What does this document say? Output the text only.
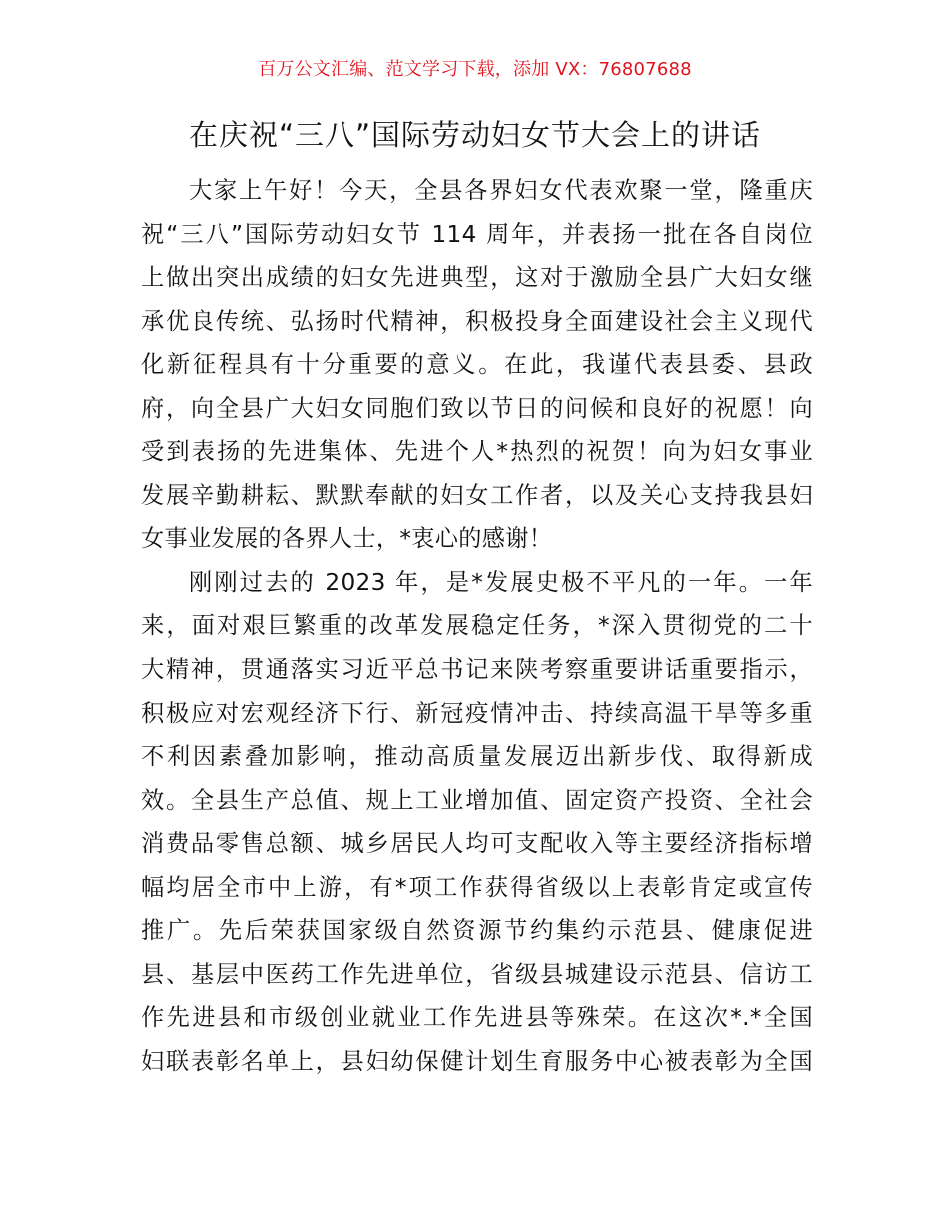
百万公文汇编、范文学习下载，添加 VX：76807688
在庆祝“三八”国际劳动妇女节大会上的讲话
大家上午好！今天，全县各界妇女代表欢聚一堂，隆重庆
祝“三八”国际劳动妇女节 114 周年，并表扬一批在各自岗位
上做出突出成绩的妇女先进典型，这对于激励全县广大妇女继
承优良传统、弘扬时代精神，积极投身全面建设社会主义现代
化新征程具有十分重要的意义。在此，我谨代表县委、县政
府，向全县广大妇女同胞们致以节日的问候和良好的祝愿！向
受到表扬的先进集体、先进个人*热烈的祝贺！向为妇女事业
发展辛勤耕耘、默默奉献的妇女工作者，以及关心支持我县妇
女事业发展的各界人士，*衷心的感谢！
刚刚过去的 2023 年，是*发展史极不平凡的一年。一年
来，面对艰巨繁重的改革发展稳定任务，*深入贯彻党的二十
大精神，贯通落实习近平总书记来陕考察重要讲话重要指示，
积极应对宏观经济下行、新冠疫情冲击、持续高温干旱等多重
不利因素叠加影响，推动高质量发展迈出新步伐、取得新成
效。全县生产总值、规上工业增加值、固定资产投资、全社会
消费品零售总额、城乡居民人均可支配收入等主要经济指标增
幅均居全市中上游，有*项工作获得省级以上表彰肯定或宣传
推广。先后荣获国家级自然资源节约集约示范县、健康促进
县、基层中医药工作先进单位，省级县城建设示范县、信访工
作先进县和市级创业就业工作先进县等殊荣。在这次*.*全国
妇联表彰名单上，县妇幼保健计划生育服务中心被表彰为全国
